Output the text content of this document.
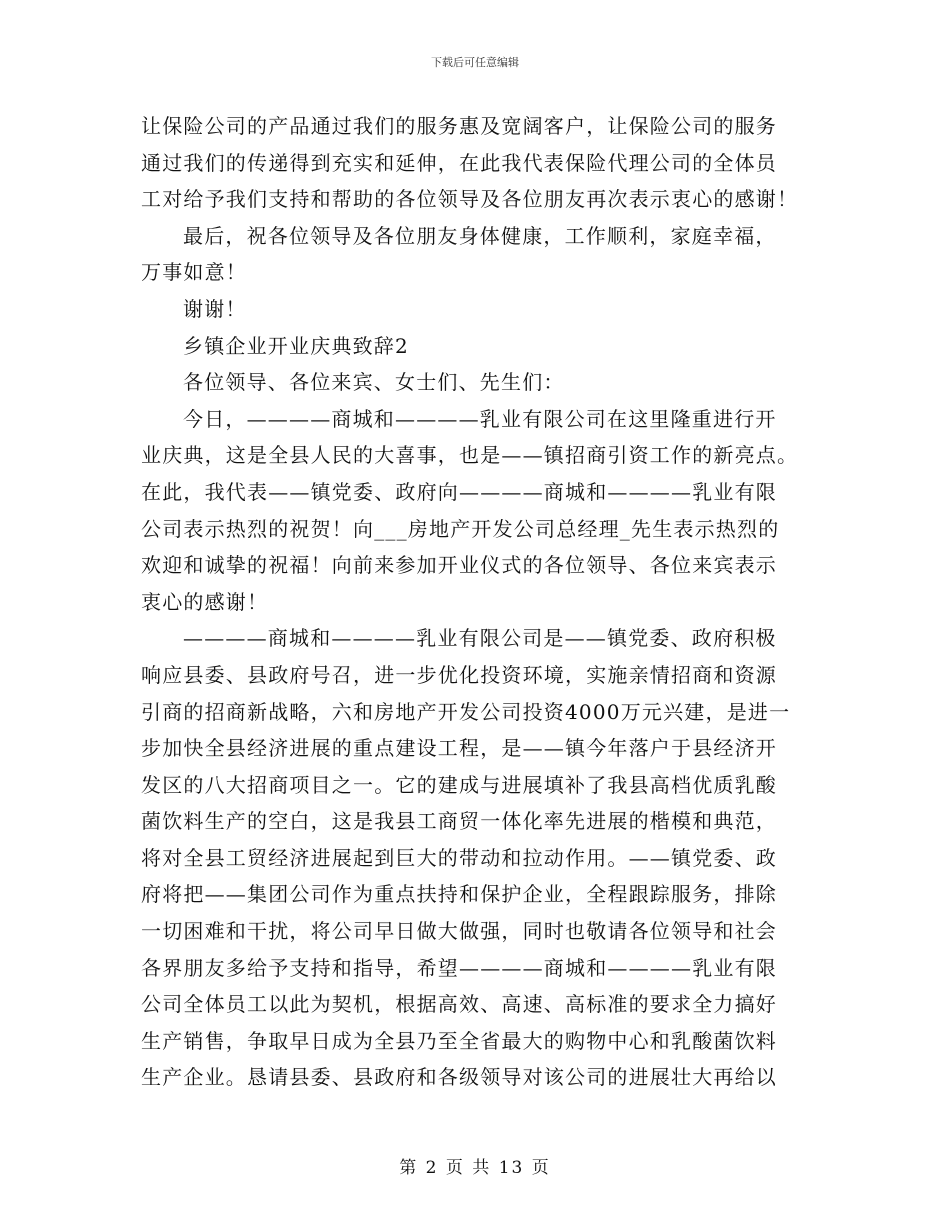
下载后可任意编辑

让保险公司的产品通过我们的服务惠及宽阔客户，让保险公司的服务

通过我们的传递得到充实和延伸，在此我代表保险代理公司的全体员

工对给予我们支持和帮助的各位领导及各位朋友再次表示衷心的感谢！

最后，祝各位领导及各位朋友身体健康，工作顺利，家庭幸福，

万事如意！

谢谢！

乡镇企业开业庆典致辞2

各位领导、各位来宾、女士们、先生们：

今日，————商城和————乳业有限公司在这里隆重进行开

业庆典，这是全县人民的大喜事，也是——镇招商引资工作的新亮点。

在此，我代表——镇党委、政府向————商城和————乳业有限

公司表示热烈的祝贺！向___房地产开发公司总经理_先生表示热烈的

欢迎和诚挚的祝福！向前来参加开业仪式的各位领导、各位来宾表示

衷心的感谢！

————商城和————乳业有限公司是——镇党委、政府积极

响应县委、县政府号召，进一步优化投资环境，实施亲情招商和资源

引商的招商新战略，六和房地产开发公司投资4000万元兴建，是进一

步加快全县经济进展的重点建设工程，是——镇今年落户于县经济开

发区的八大招商项目之一。它的建成与进展填补了我县高档优质乳酸

菌饮料生产的空白，这是我县工商贸一体化率先进展的楷模和典范，

将对全县工贸经济进展起到巨大的带动和拉动作用。——镇党委、政

府将把——集团公司作为重点扶持和保护企业，全程跟踪服务，排除

一切困难和干扰，将公司早日做大做强，同时也敬请各位领导和社会

各界朋友多给予支持和指导，希望————商城和————乳业有限

公司全体员工以此为契机，根据高效、高速、高标准的要求全力搞好

生产销售，争取早日成为全县乃至全省最大的购物中心和乳酸菌饮料

生产企业。恳请县委、县政府和各级领导对该公司的进展壮大再给以

第 2 页 共 13 页
